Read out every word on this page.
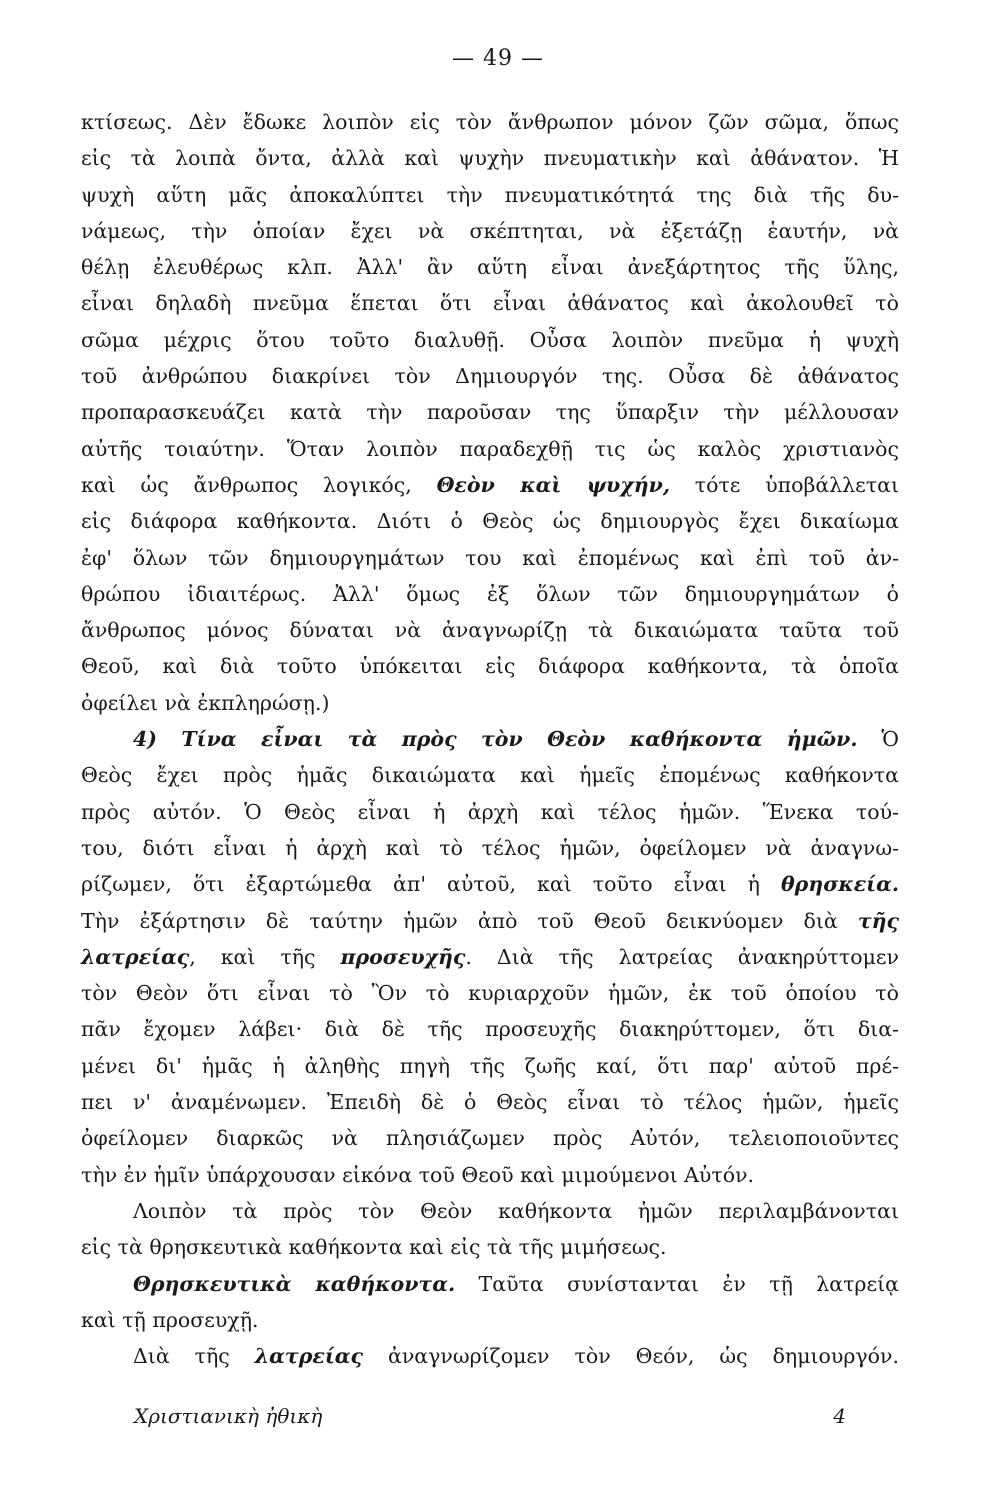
— 49 —
κτίσεως. Δὲν ἔδωκε λοιπὸν εἰς τὸν ἄνθρωπον μόνον ζῶν σῶμα, ὅπως
εἰς τὰ λοιπὰ ὄντα, ἀλλὰ καὶ ψυχὴν πνευματικὴν καὶ ἀθάνατον. Ἡ
ψυχὴ αὕτη μᾶς ἀποκαλύπτει τὴν πνευματικότητά της διὰ τῆς δυ-
νάμεως, τὴν ὁποίαν ἔχει νὰ σκέπτηται, νὰ ἐξετάζῃ ἑαυτήν, νὰ
θέλῃ ἐλευθέρως κλπ. Ἀλλ' ἂν αὕτη εἶναι ἀνεξάρτητος τῆς ὕλης,
εἶναι δηλαδὴ πνεῦμα ἕπεται ὅτι εἶναι ἀθάνατος καὶ ἀκολουθεῖ τὸ
σῶμα μέχρις ὅτου τοῦτο διαλυθῇ. Οὖσα λοιπὸν πνεῦμα ἡ ψυχὴ
τοῦ ἀνθρώπου διακρίνει τὸν Δημιουργόν της. Οὖσα δὲ ἀθάνατος
προπαρασκευάζει κατὰ τὴν παροῦσαν της ὕπαρξιν τὴν μέλλουσαν
αὐτῆς τοιαύτην. Ὅταν λοιπὸν παραδεχθῇ τις ὡς καλὸς χριστιανὸς
καὶ ὡς ἄνθρωπος λογικός, Θεὸν καὶ ψυχήν, τότε ὑποβάλλεται
εἰς διάφορα καθήκοντα. Διότι ὁ Θεὸς ὡς δημιουργὸς ἔχει δικαίωμα
ἐφ' ὅλων τῶν δημιουργημάτων του καὶ ἐπομένως καὶ ἐπὶ τοῦ ἀν-
θρώπου ἰδιαιτέρως. Ἀλλ' ὅμως ἐξ ὅλων τῶν δημιουργημάτων ὁ
ἄνθρωπος μόνος δύναται νὰ ἀναγνωρίζῃ τὰ δικαιώματα ταῦτα τοῦ
Θεοῦ, καὶ διὰ τοῦτο ὑπόκειται εἰς διάφορα καθήκοντα, τὰ ὁποῖα
ὀφείλει νὰ ἐκπληρώσῃ.)
4) Τίνα εἶναι τὰ πρὸς τὸν Θεὸν καθήκοντα ἡμῶν. Ὁ
Θεὸς ἔχει πρὸς ἡμᾶς δικαιώματα καὶ ἡμεῖς ἐπομένως καθήκοντα
πρὸς αὐτόν. Ὁ Θεὸς εἶναι ἡ ἀρχὴ καὶ τέλος ἡμῶν. Ἕνεκα τού-
του, διότι εἶναι ἡ ἀρχὴ καὶ τὸ τέλος ἡμῶν, ὀφείλομεν νὰ ἀναγνω-
ρίζωμεν, ὅτι ἐξαρτώμεθα ἀπ' αὐτοῦ, καὶ τοῦτο εἶναι ἡ θρησκεία.
Τὴν ἐξάρτησιν δὲ ταύτην ἡμῶν ἀπὸ τοῦ Θεοῦ δεικνύομεν διὰ τῆς
λατρείας, καὶ τῆς προσευχῆς. Διὰ τῆς λατρείας ἀνακηρύττομεν
τὸν Θεὸν ὅτι εἶναι τὸ Ὂν τὸ κυριαρχοῦν ἡμῶν, ἐκ τοῦ ὁποίου τὸ
πᾶν ἔχομεν λάβει· διὰ δὲ τῆς προσευχῆς διακηρύττομεν, ὅτι δια-
μένει δι' ἡμᾶς ἡ ἀληθὴς πηγὴ τῆς ζωῆς καί, ὅτι παρ' αὐτοῦ πρέ-
πει ν' ἀναμένωμεν. Ἐπειδὴ δὲ ὁ Θεὸς εἶναι τὸ τέλος ἡμῶν, ἡμεῖς
ὀφείλομεν διαρκῶς νὰ πλησιάζωμεν πρὸς Αὐτόν, τελειοποιοῦντες
τὴν ἐν ἡμῖν ὑπάρχουσαν εἰκόνα τοῦ Θεοῦ καὶ μιμούμενοι Αὐτόν.
Λοιπὸν τὰ πρὸς τὸν Θεὸν καθήκοντα ἡμῶν περιλαμβάνονται
εἰς τὰ θρησκευτικὰ καθήκοντα καὶ εἰς τὰ τῆς μιμήσεως.
Θρησκευτικὰ καθήκοντα. Ταῦτα συνίστανται ἐν τῇ λατρείᾳ
καὶ τῇ προσευχῇ.
Διὰ τῆς λατρείας ἀναγνωρίζομεν τὸν Θεόν, ὡς δημιουργόν.
Χριστιανικὴ ἠθικὴ	4
